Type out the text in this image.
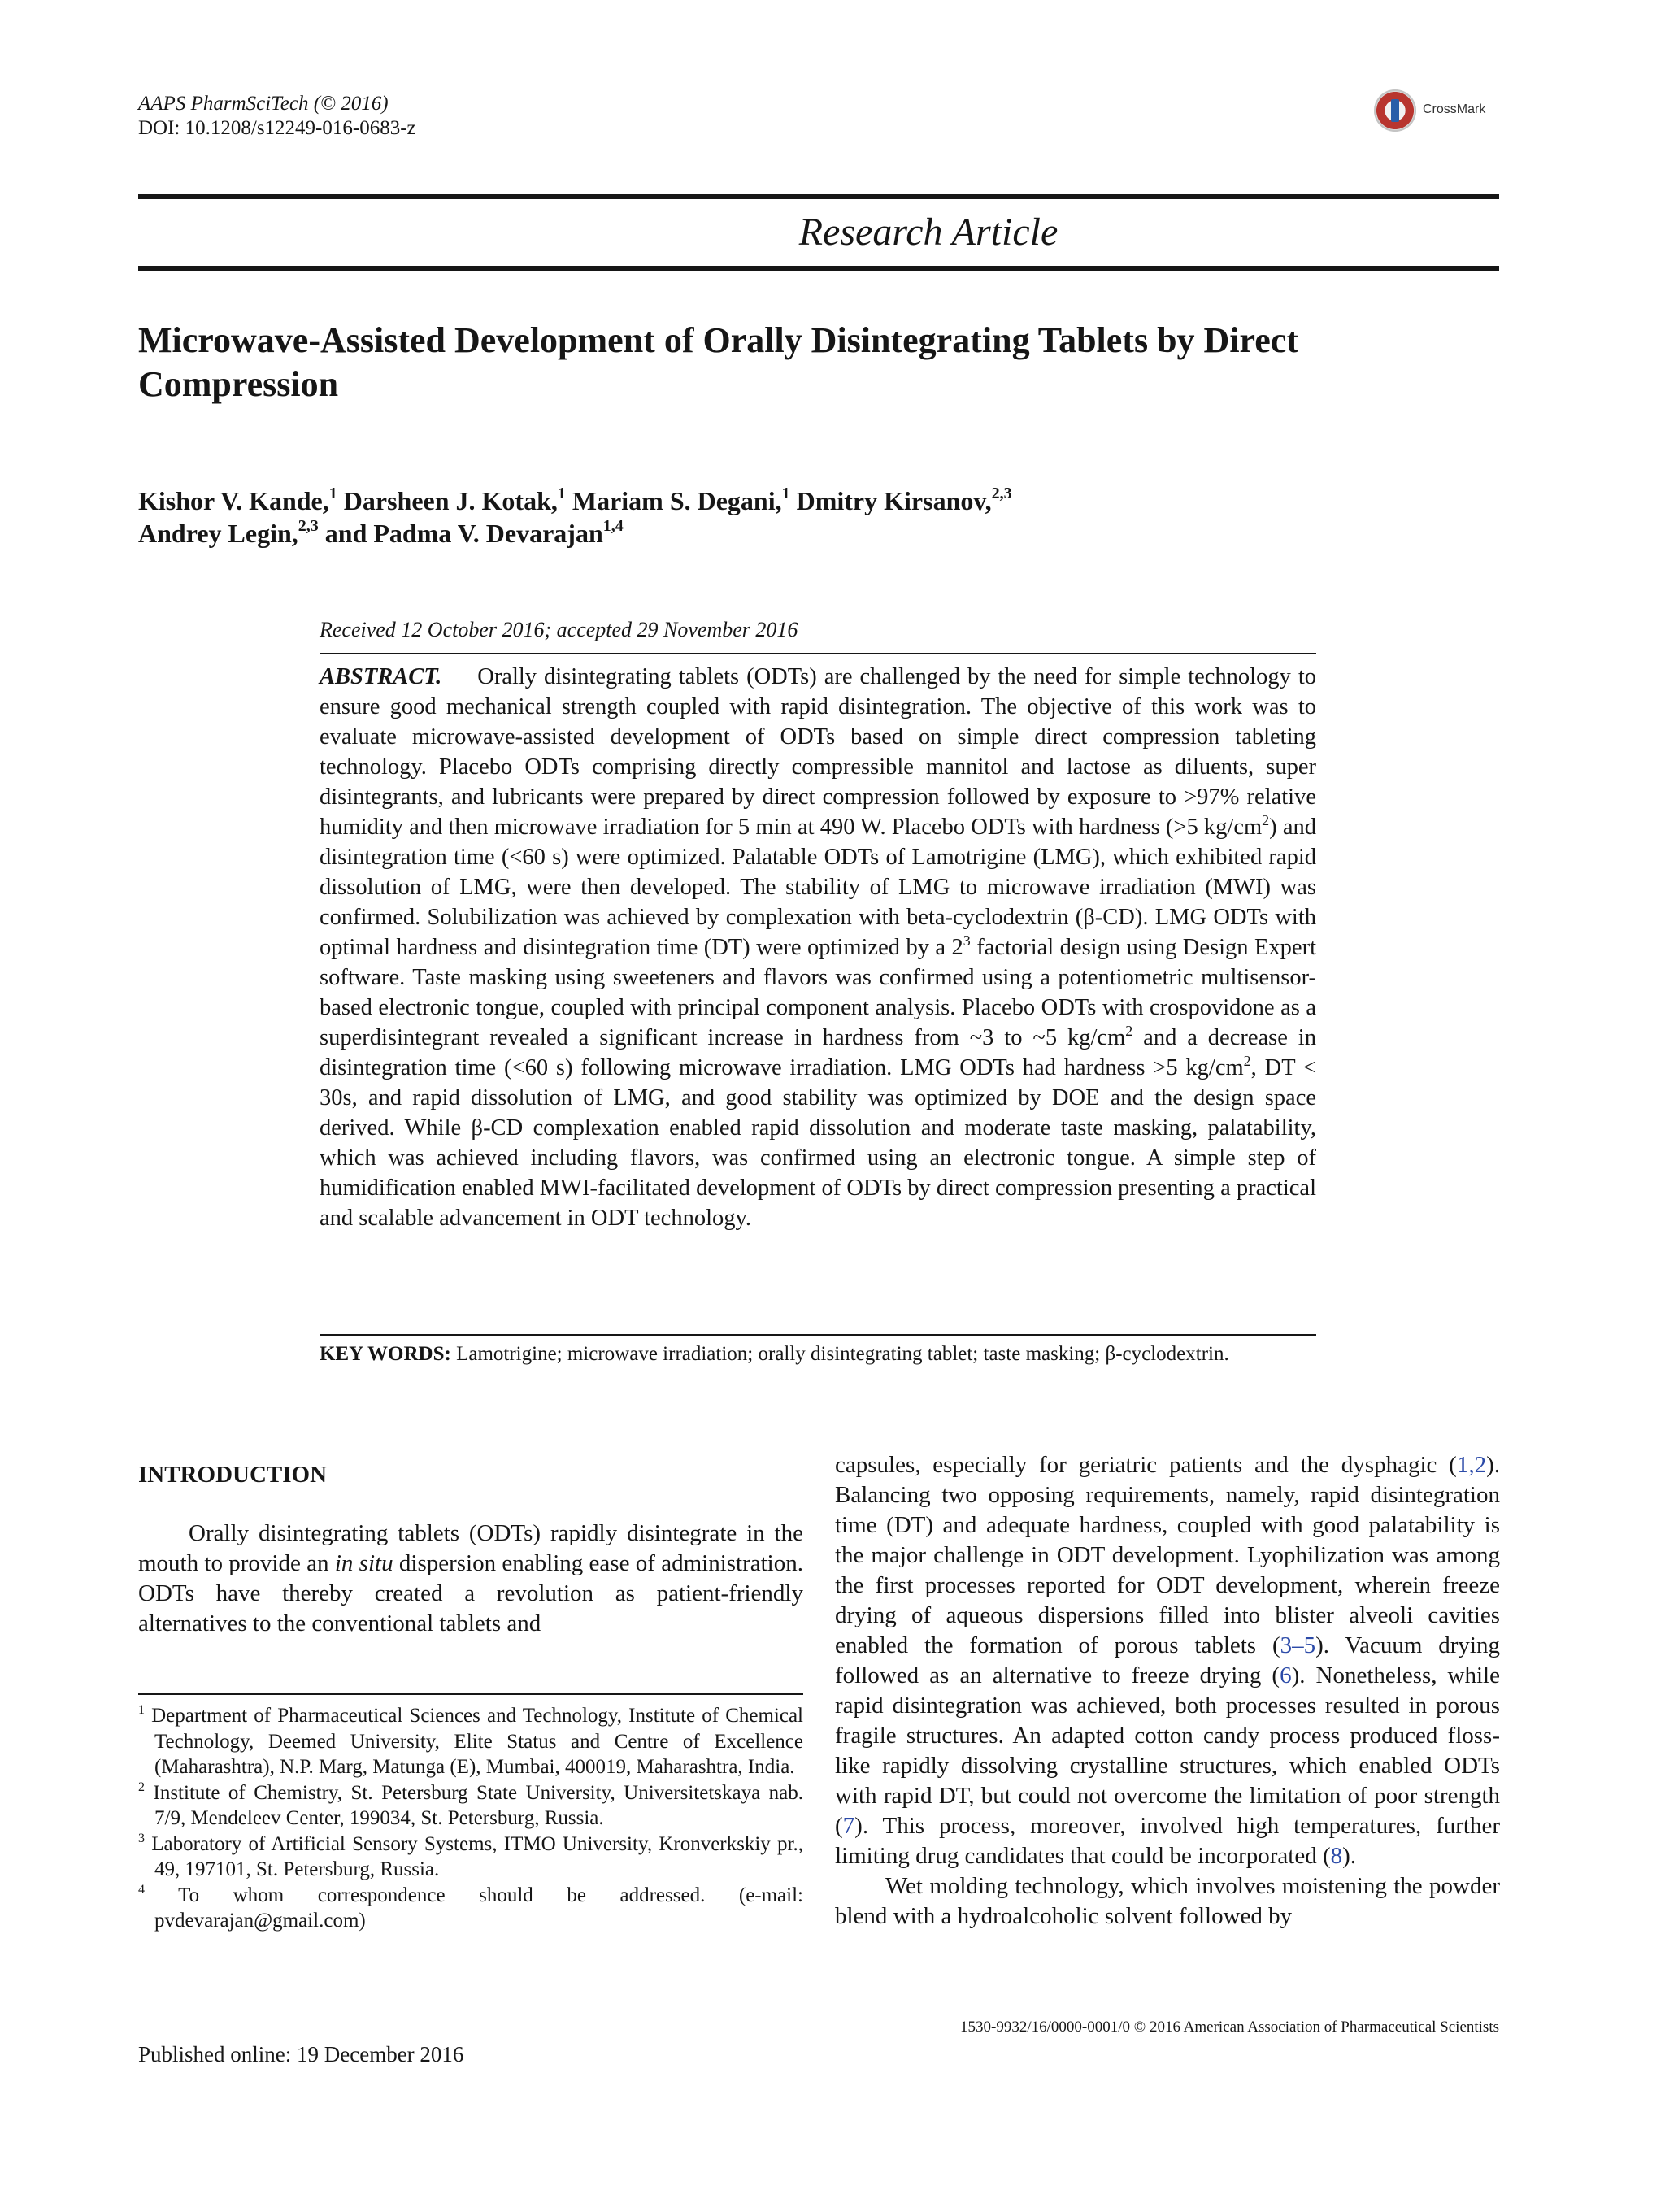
AAPS PharmSciTech (© 2016)
DOI: 10.1208/s12249-016-0683-z
CrossMark
Research Article
Microwave-Assisted Development of Orally Disintegrating Tablets by Direct Compression
Kishor V. Kande,$^1$ Darsheen J. Kotak,$^1$ Mariam S. Degani,$^1$ Dmitry Kirsanov,$^{2,3}$
Andrey Legin,$^{2,3}$ and Padma V. Devarajan$^{1,4}$
Received 12 October 2016; accepted 29 November 2016
ABSTRACT. Orally disintegrating tablets (ODTs) are challenged by the need for simple technology to ensure good mechanical strength coupled with rapid disintegration. The objective of this work was to evaluate microwave-assisted development of ODTs based on simple direct compression tableting technology. Placebo ODTs comprising directly compressible mannitol and lactose as diluents, super disintegrants, and lubricants were prepared by direct compression followed by exposure to >97% relative humidity and then microwave irradiation for 5 min at 490 W. Placebo ODTs with hardness (>5 $kg/cm^2$) and disintegration time (<60 s) were optimized. Palatable ODTs of Lamotrigine (LMG), which exhibited rapid dissolution of LMG, were then developed. The stability of LMG to microwave irradiation (MWI) was confirmed. Solubilization was achieved by complexation with beta-cyclodextrin (β-CD). LMG ODTs with optimal hardness and disintegration time (DT) were optimized by a $2^3$ factorial design using Design Expert software. Taste masking using sweeteners and flavors was confirmed using a potentiometric multisensor-based electronic tongue, coupled with principal component analysis. Placebo ODTs with crospovidone as a superdisintegrant revealed a significant increase in hardness from ~3 to ~5 $kg/cm^2$ and a decrease in disintegration time (<60 s) following microwave irradiation. LMG ODTs had hardness >5 $kg/cm^2$, DT < 30s, and rapid dissolution of LMG, and good stability was optimized by DOE and the design space derived. While β-CD complexation enabled rapid dissolution and moderate taste masking, palatability, which was achieved including flavors, was confirmed using an electronic tongue. A simple step of humidification enabled MWI-facilitated development of ODTs by direct compression presenting a practical and scalable advancement in ODT technology.
KEY WORDS: Lamotrigine; microwave irradiation; orally disintegrating tablet; taste masking; β-cyclodextrin.
INTRODUCTION

Orally disintegrating tablets (ODTs) rapidly disintegrate in the mouth to provide an in situ dispersion enabling ease of administration. ODTs have thereby created a revolution as patient-friendly alternatives to the conventional tablets and

$^1$ Department of Pharmaceutical Sciences and Technology, Institute of Chemical Technology, Deemed University, Elite Status and Centre of Excellence (Maharashtra), N.P. Marg, Matunga (E), Mumbai, 400019, Maharashtra, India.

$^2$ Institute of Chemistry, St. Petersburg State University, Universitetskaya nab. 7/9, Mendeleev Center, 199034, St. Petersburg, Russia.

$^3$ Laboratory of Artificial Sensory Systems, ITMO University, Kronverkskiy pr., 49, 197101, St. Petersburg, Russia.

$^4$ To whom correspondence should be addressed. (e-mail: pvdevarajan@gmail.com)

capsules, especially for geriatric patients and the dysphagic (1,2). Balancing two opposing requirements, namely, rapid disintegration time (DT) and adequate hardness, coupled with good palatability is the major challenge in ODT development. Lyophilization was among the first processes reported for ODT development, wherein freeze drying of aqueous dispersions filled into blister alveoli cavities enabled the formation of porous tablets (3–5). Vacuum drying followed as an alternative to freeze drying (6). Nonetheless, while rapid disintegration was achieved, both processes resulted in porous fragile structures. An adapted cotton candy process produced floss-like rapidly dissolving crystalline structures, which enabled ODTs with rapid DT, but could not overcome the limitation of poor strength (7). This process, moreover, involved high temperatures, further limiting drug candidates that could be incorporated (8).

Wet molding technology, which involves moistening the powder blend with a hydroalcoholic solvent followed by

1530-9932/16/0000-0001/0 © 2016 American Association of Pharmaceutical Scientists
Published online: 19 December 2016
